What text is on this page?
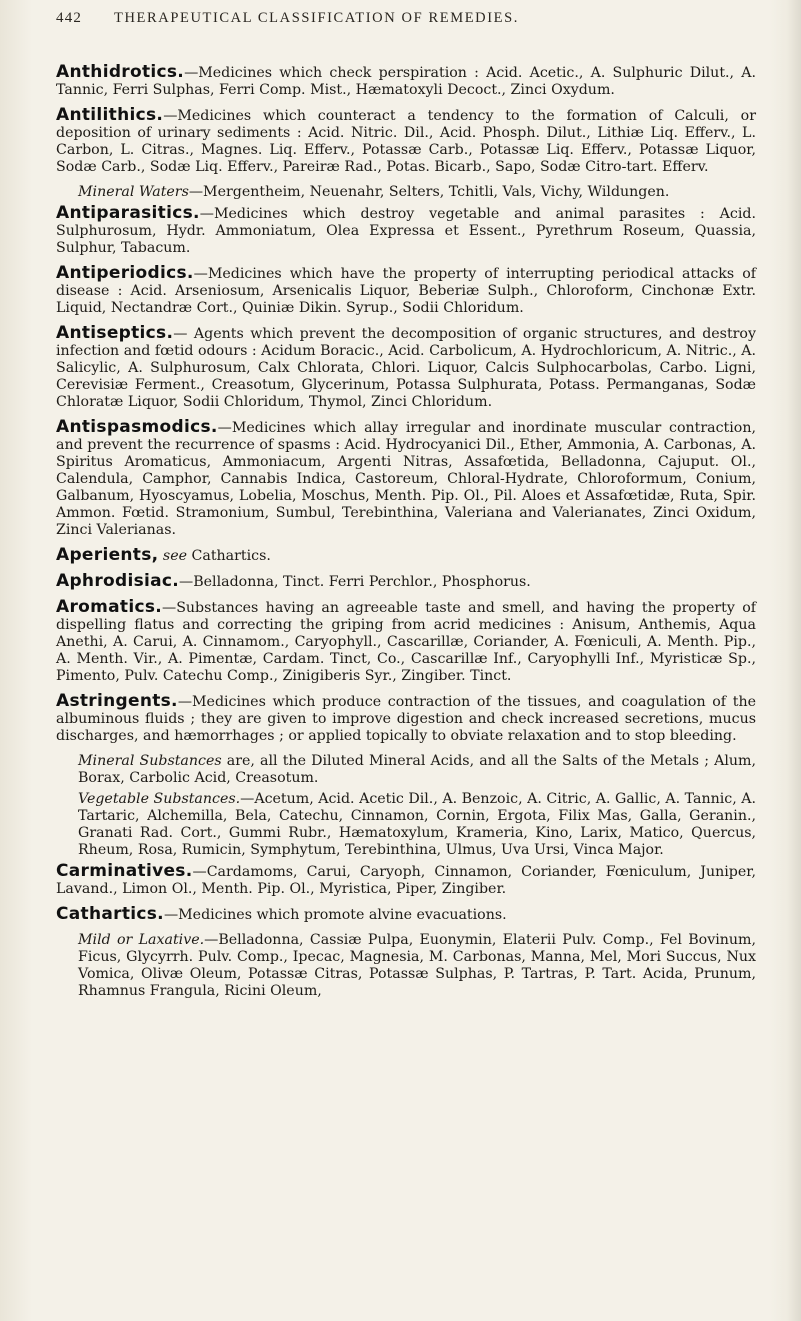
442 THERAPEUTICAL CLASSIFICATION OF REMEDIES.

Anthidrotics.—Medicines which check perspiration : Acid. Acetic., A. Sulphuric Dilut., A. Tannic, Ferri Sulphas, Ferri Comp. Mist., Hæmatoxyli Decoct., Zinci Oxydum.

Antilithics.—Medicines which counteract a tendency to the formation of Calculi, or deposition of urinary sediments : Acid. Nitric. Dil., Acid. Phosph. Dilut., Lithiæ Liq. Efferv., L. Carbon, L. Citras., Magnes. Liq. Efferv., Potassæ Carb., Potassæ Liq. Efferv., Potassæ Liquor, Sodæ Carb., Sodæ Liq. Efferv., Pareiræ Rad., Potas. Bicarb., Sapo, Sodæ Citro-tart. Efferv.

Mineral Waters—Mergentheim, Neuenahr, Selters, Tchitli, Vals, Vichy, Wildungen.

Antiparasitics.—Medicines which destroy vegetable and animal parasites : Acid. Sulphurosum, Hydr. Ammoniatum, Olea Expressa et Essent., Pyrethrum Roseum, Quassia, Sulphur, Tabacum.

Antiperiodics.—Medicines which have the property of interrupting periodical attacks of disease : Acid. Arseniosum, Arsenicalis Liquor, Beberiæ Sulph., Chloroform, Cinchonæ Extr. Liquid, Nectandræ Cort., Quiniæ Dikin. Syrup., Sodii Chloridum.

Antiseptics.— Agents which prevent the decomposition of organic structures, and destroy infection and fœtid odours : Acidum Boracic., Acid. Carbolicum, A. Hydrochloricum, A. Nitric., A. Salicylic, A. Sulphurosum, Calx Chlorata, Chlori. Liquor, Calcis Sulphocarbolas, Carbo. Ligni, Cerevisiæ Ferment., Creasotum, Glycerinum, Potassa Sulphurata, Potass. Permanganas, Sodæ Chloratæ Liquor, Sodii Chloridum, Thymol, Zinci Chloridum.

Antispasmodics.—Medicines which allay irregular and inordinate muscular contraction, and prevent the recurrence of spasms : Acid. Hydrocyanici Dil., Ether, Ammonia, A. Carbonas, A. Spiritus Aromaticus, Ammoniacum, Argenti Nitras, Assafœtida, Belladonna, Cajuput. Ol., Calendula, Camphor, Cannabis Indica, Castoreum, Chloral-Hydrate, Chloroformum, Conium, Galbanum, Hyoscyamus, Lobelia, Moschus, Menth. Pip. Ol., Pil. Aloes et Assafœtidæ, Ruta, Spir. Ammon. Fœtid. Stramonium, Sumbul, Terebinthina, Valeriana and Valerianates, Zinci Oxidum, Zinci Valerianas.

Aperients, see Cathartics.

Aphrodisiac.—Belladonna, Tinct. Ferri Perchlor., Phosphorus.

Aromatics.—Substances having an agreeable taste and smell, and having the property of dispelling flatus and correcting the griping from acrid medicines : Anisum, Anthemis, Aqua Anethi, A. Carui, A. Cinnamom., Caryophyll., Cascarillæ, Coriander, A. Fœniculi, A. Menth. Pip., A. Menth. Vir., A. Pimentæ, Cardam. Tinct, Co., Cascarillæ Inf., Caryophylli Inf., Myristicæ Sp., Pimento, Pulv. Catechu Comp., Zinigiberis Syr., Zingiber. Tinct.

Astringents.—Medicines which produce contraction of the tissues, and coagulation of the albuminous fluids ; they are given to improve digestion and check increased secretions, mucus discharges, and hæmorrhages ; or applied topically to obviate relaxation and to stop bleeding.

Mineral Substances are, all the Diluted Mineral Acids, and all the Salts of the Metals ; Alum, Borax, Carbolic Acid, Creasotum.

Vegetable Substances.—Acetum, Acid. Acetic Dil., A. Benzoic, A. Citric, A. Gallic, A. Tannic, A. Tartaric, Alchemilla, Bela, Catechu, Cinnamon, Cornin, Ergota, Filix Mas, Galla, Geranin., Granati Rad. Cort., Gummi Rubr., Hæmatoxylum, Krameria, Kino, Larix, Matico, Quercus, Rheum, Rosa, Rumicin, Symphytum, Terebinthina, Ulmus, Uva Ursi, Vinca Major.

Carminatives.—Cardamoms, Carui, Caryoph, Cinnamon, Coriander, Fœniculum, Juniper, Lavand., Limon Ol., Menth. Pip. Ol., Myristica, Piper, Zingiber.

Cathartics.—Medicines which promote alvine evacuations.

Mild or Laxative.—Belladonna, Cassiæ Pulpa, Euonymin, Elaterii Pulv. Comp., Fel Bovinum, Ficus, Glycyrrh. Pulv. Comp., Ipecac, Magnesia, M. Carbonas, Manna, Mel, Mori Succus, Nux Vomica, Olivæ Oleum, Potassæ Citras, Potassæ Sulphas, P. Tartras, P. Tart. Acida, Prunum, Rhamnus Frangula, Ricini Oleum,
